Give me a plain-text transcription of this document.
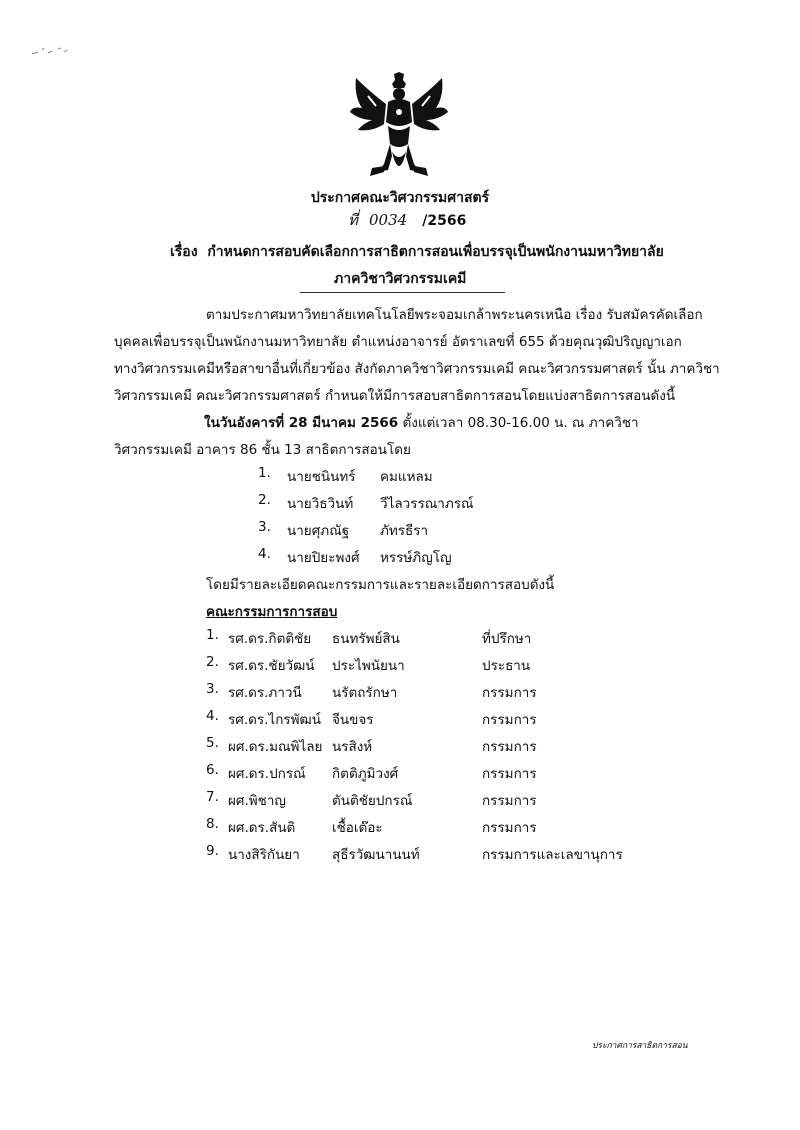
ประกาศคณะวิศวกรรมศาสตร์
ที่ 0034 /2566
เรื่อง กำหนดการสอบคัดเลือกการสาธิตการสอนเพื่อบรรจุเป็นพนักงานมหาวิทยาลัย
ภาควิชาวิศวกรรมเคมี
ตามประกาศมหาวิทยาลัยเทคโนโลยีพระจอมเกล้าพระนครเหนือ เรื่อง รับสมัครคัดเลือก
บุคคลเพื่อบรรจุเป็นพนักงานมหาวิทยาลัย ตำแหน่งอาจารย์ อัตราเลขที่ 655 ด้วยคุณวุฒิปริญญาเอก
ทางวิศวกรรมเคมีหรือสาขาอื่นที่เกี่ยวข้อง สังกัดภาควิชาวิศวกรรมเคมี คณะวิศวกรรมศาสตร์ นั้น ภาควิชา
วิศวกรรมเคมี คณะวิศวกรรมศาสตร์ กำหนดให้มีการสอบสาธิตการสอนโดยแบ่งสาธิตการสอนดังนี้
ในวันอังคารที่ 28 มีนาคม 2566 ตั้งแต่เวลา 08.30-16.00 น. ณ ภาควิชา
วิศวกรรมเคมี อาคาร 86 ชั้น 13 สาธิตการสอนโดย
1. นายชนินทร์ คมแหลม
2. นายวิธวินท์ วีไลวรรณาภรณ์
3. นายศุภณัฐ ภัทรธีรา
4. นายปิยะพงศ์ หรรษ์ภิญโญ
โดยมีรายละเอียดคณะกรรมการและรายละเอียดการสอบดังนี้
คณะกรรมการการสอบ
1. รศ.ดร.กิตติชัย ธนทรัพย์สิน	ที่ปรึกษา
2. รศ.ดร.ชัยวัฒน์ ประไพนัยนา	ประธาน
3. รศ.ดร.ภาวนี นรัตถรักษา	กรรมการ
4. รศ.ดร.ไกรพัฒน์ จีนขจร	กรรมการ
5. ผศ.ดร.มณพิไลย นรสิงห์	กรรมการ
6. ผศ.ดร.ปกรณ์ กิตติภูมิวงศ์	กรรมการ
7. ผศ.พิชาญ	ตันติชัยปกรณ์	กรรมการ
8. ผศ.ดร.สันติ	เชื้อเต๊อะ	กรรมการ
9. นางสิริกันยา สุธีรวัฒนานนท์	กรรมการและเลขานุการ
ประกาศการสาธิตการสอน
